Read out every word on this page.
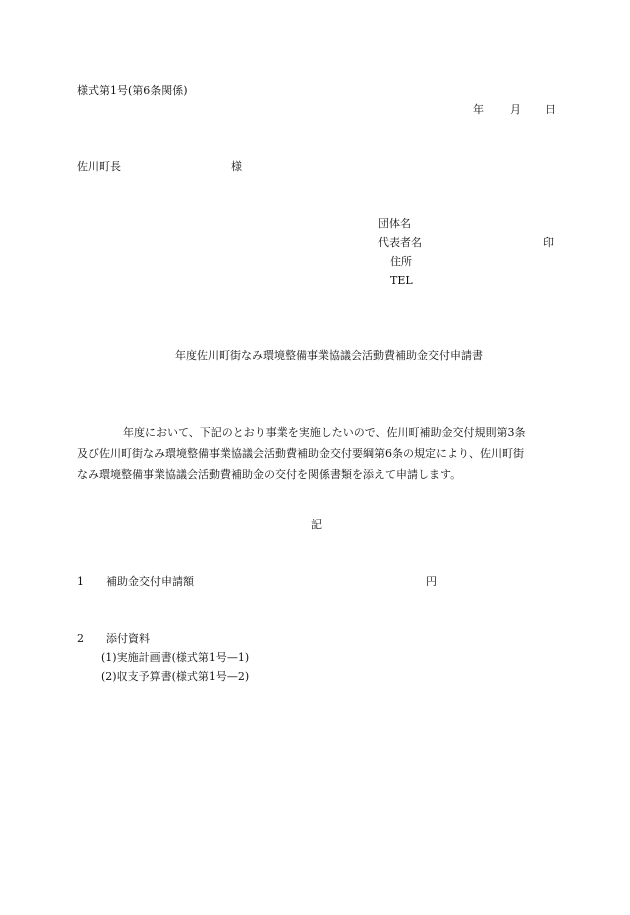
様式第1号(第6条関係)
年 月 日
佐川町長	様
団体名
代表者名	印
住所
TEL
年度佐川町街なみ環境整備事業協議会活動費補助金交付申請書
年度において、下記のとおり事業を実施したいので、佐川町補助金交付規則第3条
及び佐川町街なみ環境整備事業協議会活動費補助金交付要綱第6条の規定により、佐川町街
なみ環境整備事業協議会活動費補助金の交付を関係書類を添えて申請します。
記
1 補助金交付申請額	円
2 添付資料
(1)実施計画書(様式第1号—1)
(2)収支予算書(様式第1号—2)
